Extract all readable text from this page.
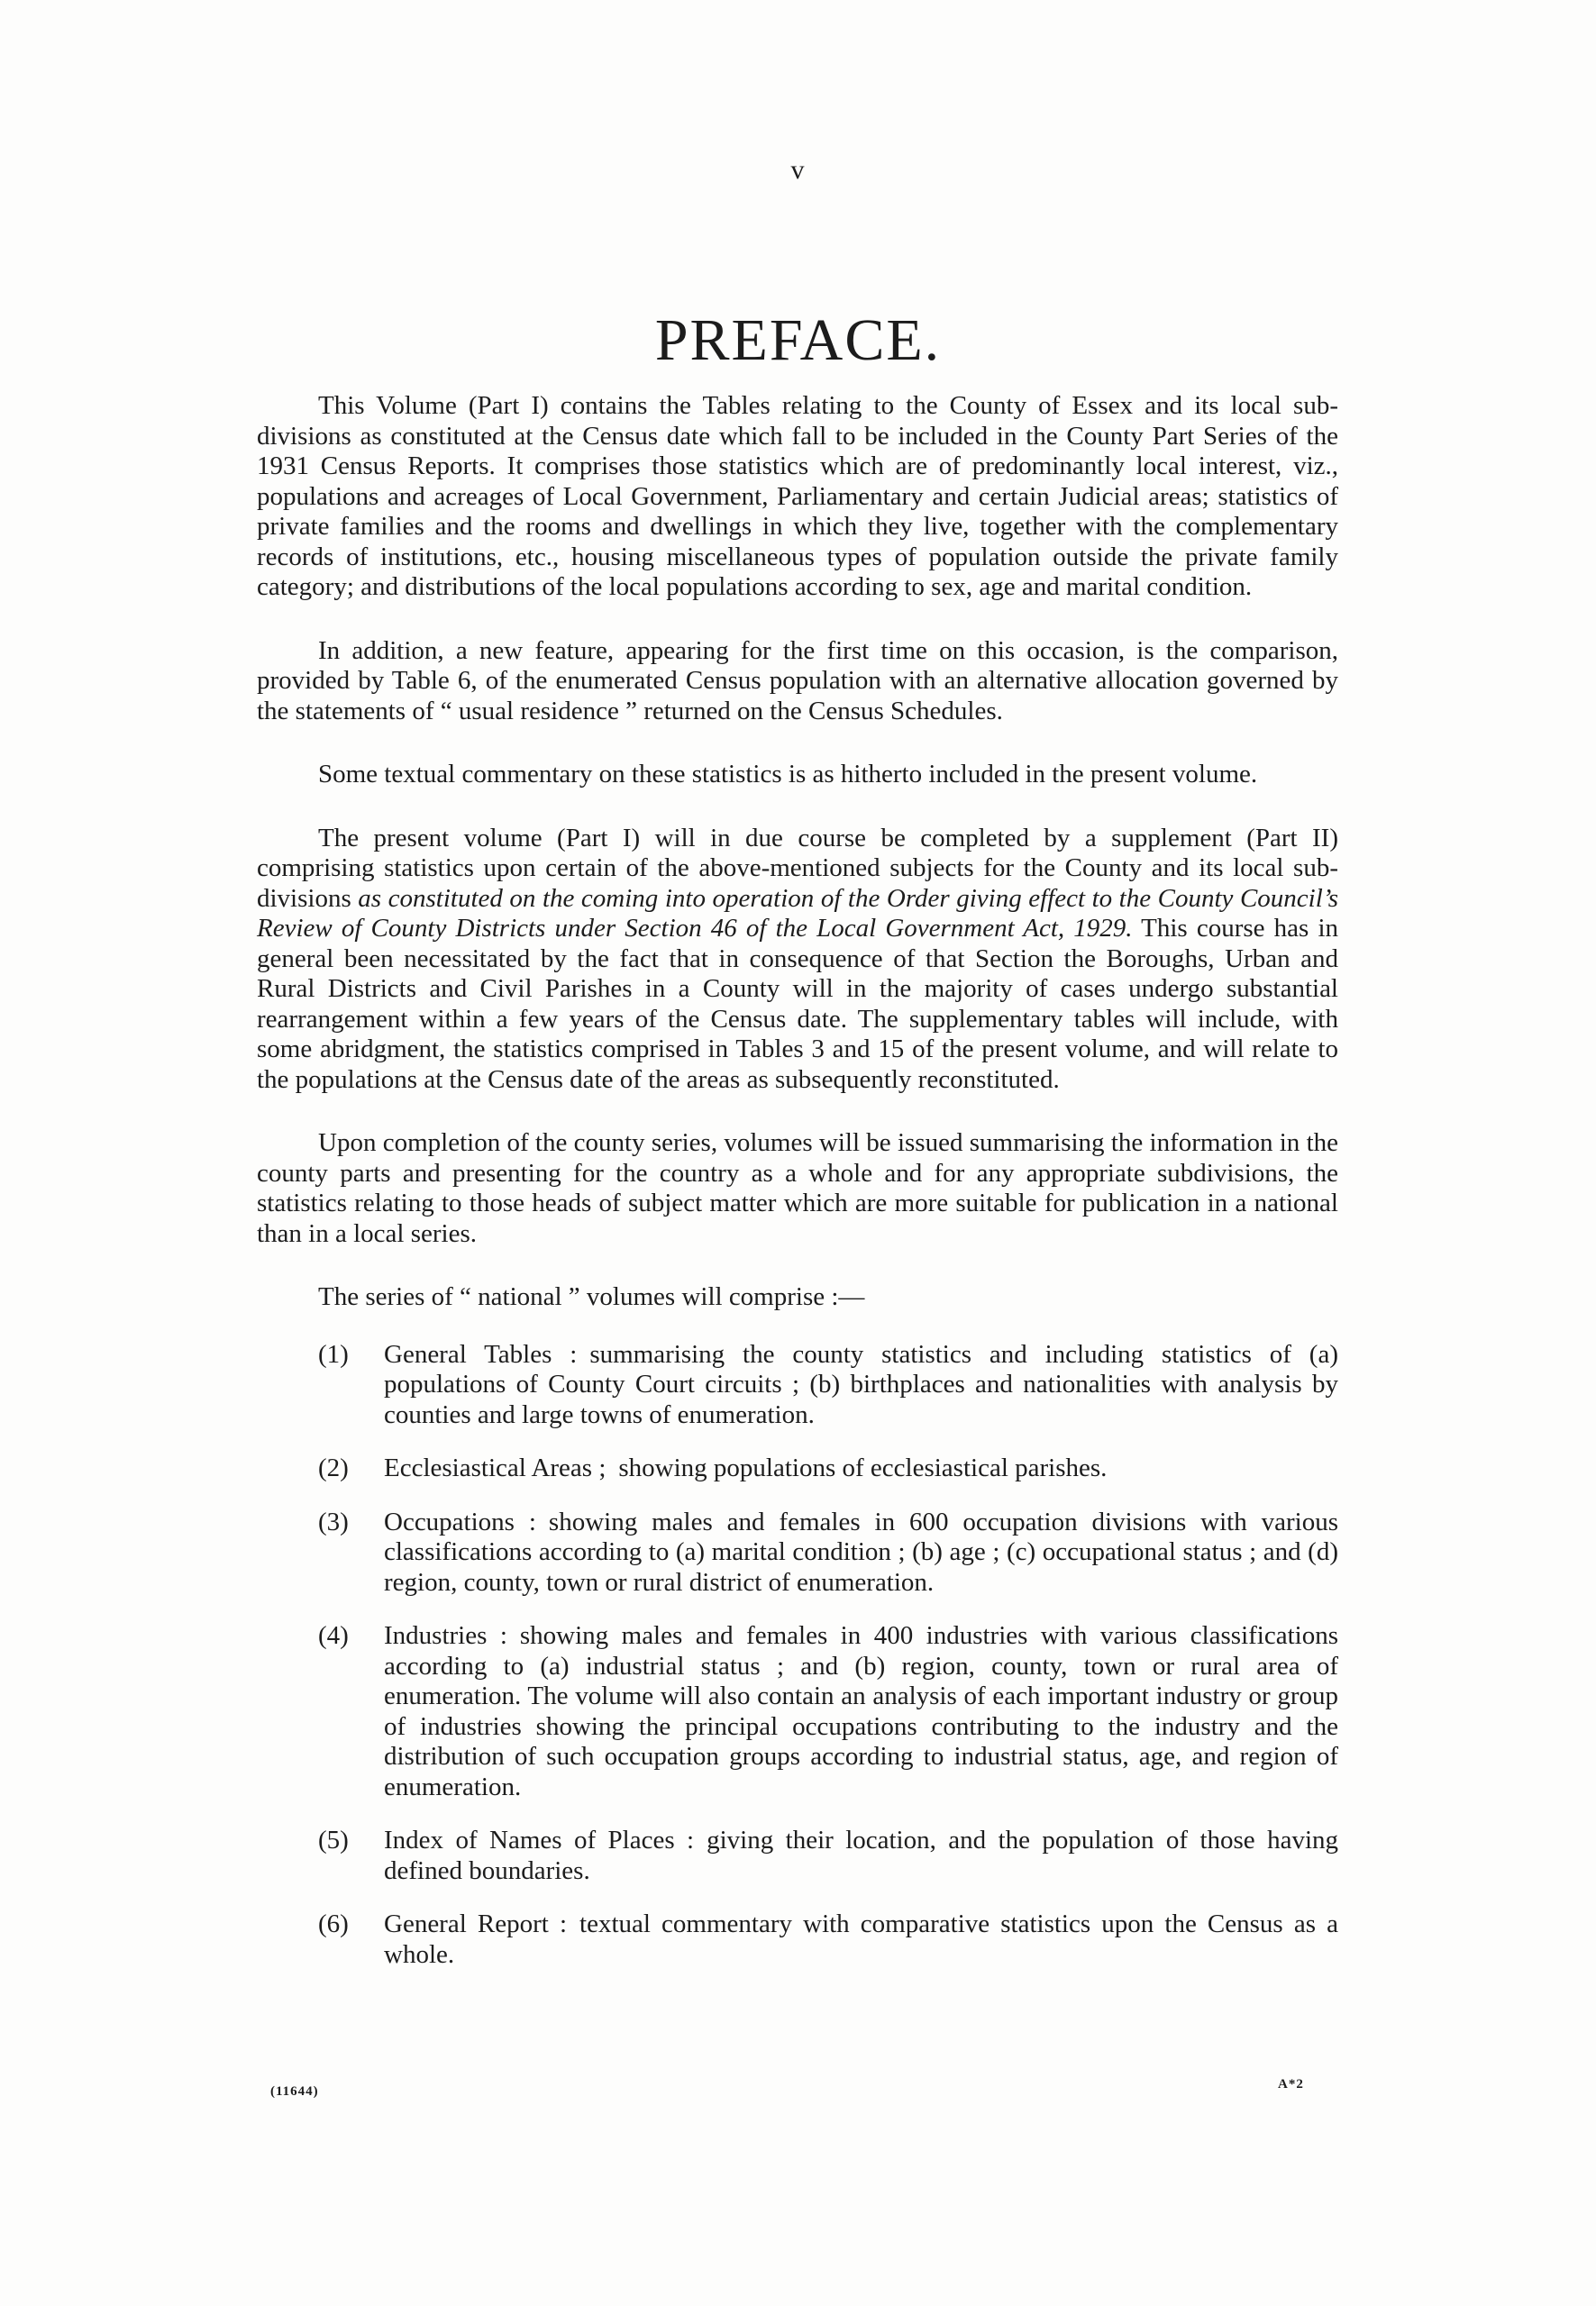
v
PREFACE.

This Volume (Part I) contains the Tables relating to the County of Essex and its local sub-divisions as constituted at the Census date which fall to be included in the County Part Series of the 1931 Census Reports. It comprises those statistics which are of predominantly local interest, viz., populations and acreages of Local Government, Parliamentary and certain Judicial areas; statistics of private families and the rooms and dwellings in which they live, together with the complementary records of institutions, etc., housing miscellaneous types of population outside the private family category; and distributions of the local populations according to sex, age and marital condition.

In addition, a new feature, appearing for the first time on this occasion, is the comparison, provided by Table 6, of the enumerated Census population with an alternative allocation governed by the statements of “ usual residence ” returned on the Census Schedules.

Some textual commentary on these statistics is as hitherto included in the present volume.

The present volume (Part I) will in due course be completed by a supplement (Part II) comprising statistics upon certain of the above-mentioned subjects for the County and its local sub-divisions as constituted on the coming into operation of the Order giving effect to the County Council’s Review of County Districts under Section 46 of the Local Government Act, 1929. This course has in general been necessitated by the fact that in consequence of that Section the Boroughs, Urban and Rural Districts and Civil Parishes in a County will in the majority of cases undergo substantial rearrangement within a few years of the Census date. The supplementary tables will include, with some abridgment, the statistics comprised in Tables 3 and 15 of the present volume, and will relate to the populations at the Census date of the areas as subsequently reconstituted.

Upon completion of the county series, volumes will be issued summarising the information in the county parts and presenting for the country as a whole and for any appropriate subdivisions, the statistics relating to those heads of subject matter which are more suitable for publication in a national than in a local series.

The series of “ national ” volumes will comprise :—

(1)	General Tables : summarising the county statistics and including statistics of (a) populations of County Court circuits ; (b) birthplaces and nationalities with analysis by counties and large towns of enumeration.
(2)	Ecclesiastical Areas ; showing populations of ecclesiastical parishes.
(3)	Occupations : showing males and females in 600 occupation divisions with various classifications according to (a) marital condition ; (b) age ; (c) occupational status ; and (d) region, county, town or rural district of enumeration.
(4)	Industries : showing males and females in 400 industries with various classifications according to (a) industrial status ; and (b) region, county, town or rural area of enumeration. The volume will also contain an analysis of each important industry or group of industries showing the principal occupations contributing to the industry and the distribution of such occupation groups according to industrial status, age, and region of enumeration.
(5)	Index of Names of Places : giving their location, and the population of those having defined boundaries.
(6)	General Report : textual commentary with comparative statistics upon the Census as a whole.
(11644)	A*2
